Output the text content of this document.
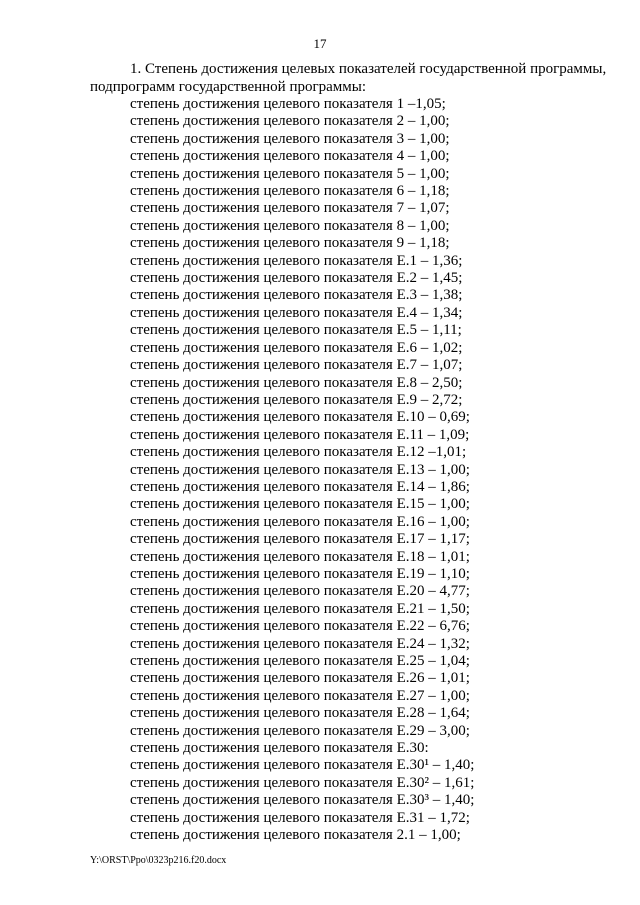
17
1. Степень достижения целевых показателей государственной программы,
подпрограмм государственной программы:
степень достижения целевого показателя 1 –1,05;
степень достижения целевого показателя 2 – 1,00;
степень достижения целевого показателя 3 – 1,00;
степень достижения целевого показателя 4 – 1,00;
степень достижения целевого показателя 5 – 1,00;
степень достижения целевого показателя 6 – 1,18;
степень достижения целевого показателя 7 – 1,07;
степень достижения целевого показателя 8 – 1,00;
степень достижения целевого показателя 9 – 1,18;
степень достижения целевого показателя Е.1 – 1,36;
степень достижения целевого показателя Е.2 – 1,45;
степень достижения целевого показателя Е.3 – 1,38;
степень достижения целевого показателя Е.4 – 1,34;
степень достижения целевого показателя Е.5 – 1,11;
степень достижения целевого показателя Е.6 – 1,02;
степень достижения целевого показателя Е.7 – 1,07;
степень достижения целевого показателя Е.8 – 2,50;
степень достижения целевого показателя Е.9 – 2,72;
степень достижения целевого показателя Е.10 – 0,69;
степень достижения целевого показателя Е.11 – 1,09;
степень достижения целевого показателя Е.12 –1,01;
степень достижения целевого показателя Е.13 – 1,00;
степень достижения целевого показателя Е.14 – 1,86;
степень достижения целевого показателя Е.15 – 1,00;
степень достижения целевого показателя Е.16 – 1,00;
степень достижения целевого показателя Е.17 – 1,17;
степень достижения целевого показателя Е.18 – 1,01;
степень достижения целевого показателя Е.19 – 1,10;
степень достижения целевого показателя Е.20 – 4,77;
степень достижения целевого показателя Е.21 – 1,50;
степень достижения целевого показателя Е.22 – 6,76;
степень достижения целевого показателя Е.24 – 1,32;
степень достижения целевого показателя Е.25 – 1,04;
степень достижения целевого показателя Е.26 – 1,01;
степень достижения целевого показателя Е.27 – 1,00;
степень достижения целевого показателя Е.28 – 1,64;
степень достижения целевого показателя Е.29 – 3,00;
степень достижения целевого показателя Е.30:
степень достижения целевого показателя Е.30¹ – 1,40;
степень достижения целевого показателя Е.30² – 1,61;
степень достижения целевого показателя Е.30³ – 1,40;
степень достижения целевого показателя Е.31 – 1,72;
степень достижения целевого показателя 2.1 – 1,00;
Y:\ORST\Ppo\0323p216.f20.docx
